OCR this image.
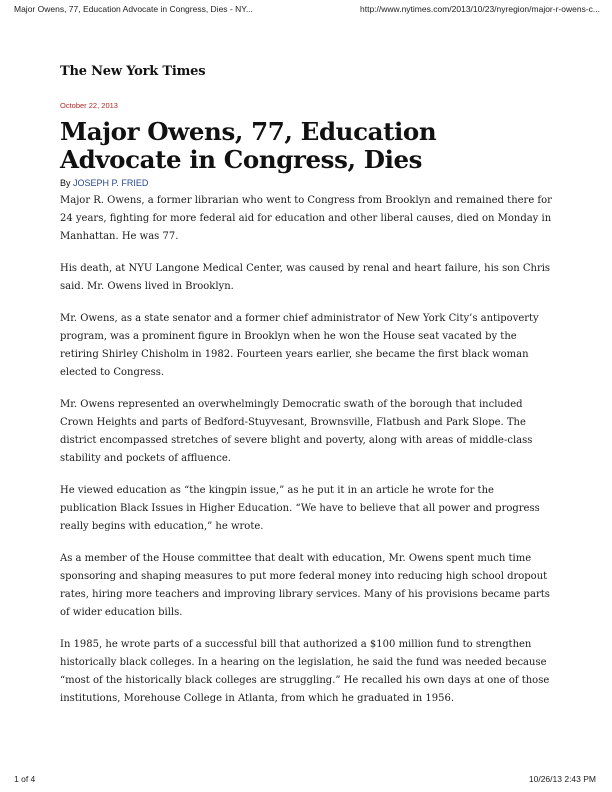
Major Owens, 77, Education Advocate in Congress, Dies - NY...	http://www.nytimes.com/2013/10/23/nyregion/major-r-owens-c...
The New York Times
October 22, 2013
Major Owens, 77, Education Advocate in Congress, Dies
By JOSEPH P. FRIED

Major R. Owens, a former librarian who went to Congress from Brooklyn and remained there for 24 years, fighting for more federal aid for education and other liberal causes, died on Monday in Manhattan. He was 77.

His death, at NYU Langone Medical Center, was caused by renal and heart failure, his son Chris said. Mr. Owens lived in Brooklyn.

Mr. Owens, as a state senator and a former chief administrator of New York City’s antipoverty program, was a prominent figure in Brooklyn when he won the House seat vacated by the retiring Shirley Chisholm in 1982. Fourteen years earlier, she became the first black woman elected to Congress.

Mr. Owens represented an overwhelmingly Democratic swath of the borough that included Crown Heights and parts of Bedford-Stuyvesant, Brownsville, Flatbush and Park Slope. The district encompassed stretches of severe blight and poverty, along with areas of middle-class stability and pockets of affluence.

He viewed education as “the kingpin issue,” as he put it in an article he wrote for the publication Black Issues in Higher Education. “We have to believe that all power and progress really begins with education,” he wrote.

As a member of the House committee that dealt with education, Mr. Owens spent much time sponsoring and shaping measures to put more federal money into reducing high school dropout rates, hiring more teachers and improving library services. Many of his provisions became parts of wider education bills.

In 1985, he wrote parts of a successful bill that authorized a $100 million fund to strengthen historically black colleges. In a hearing on the legislation, he said the fund was needed because “most of the historically black colleges are struggling.” He recalled his own days at one of those institutions, Morehouse College in Atlanta, from which he graduated in 1956.

1 of 4	10/26/13 2:43 PM
